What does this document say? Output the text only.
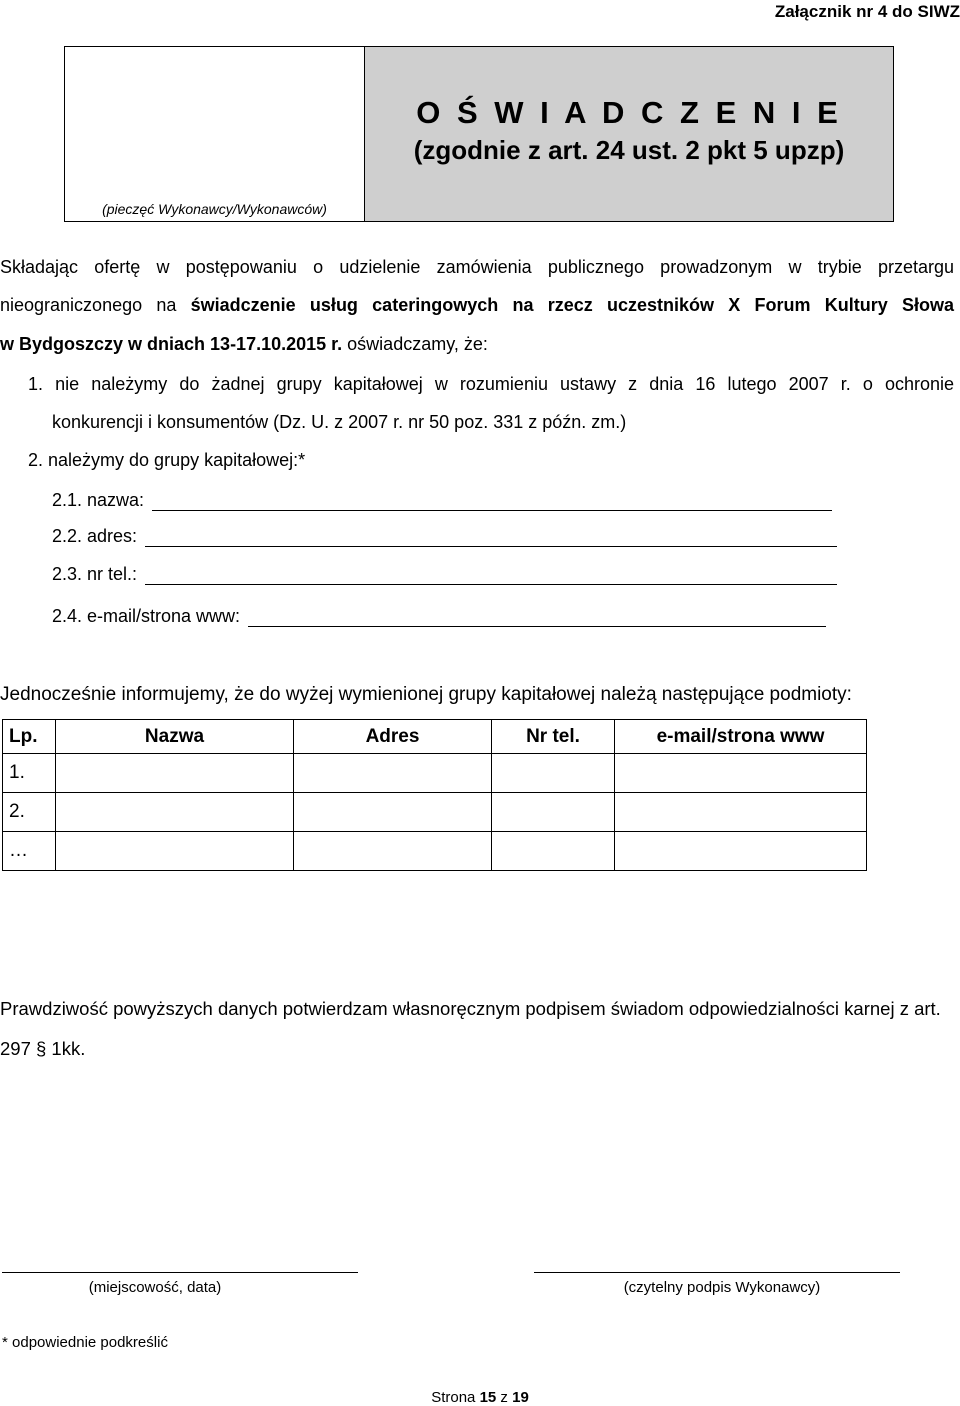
Załącznik nr 4 do SIWZ
(pieczęć Wykonawcy/Wykonawców)
O Ś W I A D C Z E N I E
(zgodnie z art. 24 ust. 2 pkt 5 upzp)
Składając ofertę w postępowaniu o udzielenie zamówienia publicznego prowadzonym w trybie przetargu
nieograniczonego na świadczenie usług cateringowych na rzecz uczestników X Forum Kultury Słowa
w Bydgoszczy w dniach 13-17.10.2015 r. oświadczamy, że:
1. nie należymy do żadnej grupy kapitałowej w rozumieniu ustawy z dnia 16 lutego 2007 r. o ochronie
konkurencji i konsumentów (Dz. U. z 2007 r. nr 50 poz. 331 z późn. zm.)
2. należymy do grupy kapitałowej:*
2.1. nazwa:
2.2. adres:
2.3. nr tel.:
2.4. e-mail/strona www:
Jednocześnie informujemy, że do wyżej wymienionej grupy kapitałowej należą następujące podmioty:
Lp.	Nazwa	Adres	Nr tel.	e-mail/strona www
1.				
2.				
…				
Prawdziwość powyższych danych potwierdzam własnoręcznym podpisem świadom odpowiedzialności karnej z art.
297 § 1kk.
(miejscowość, data)	(czytelny podpis Wykonawcy)
* odpowiednie podkreślić
Strona 15 z 19
